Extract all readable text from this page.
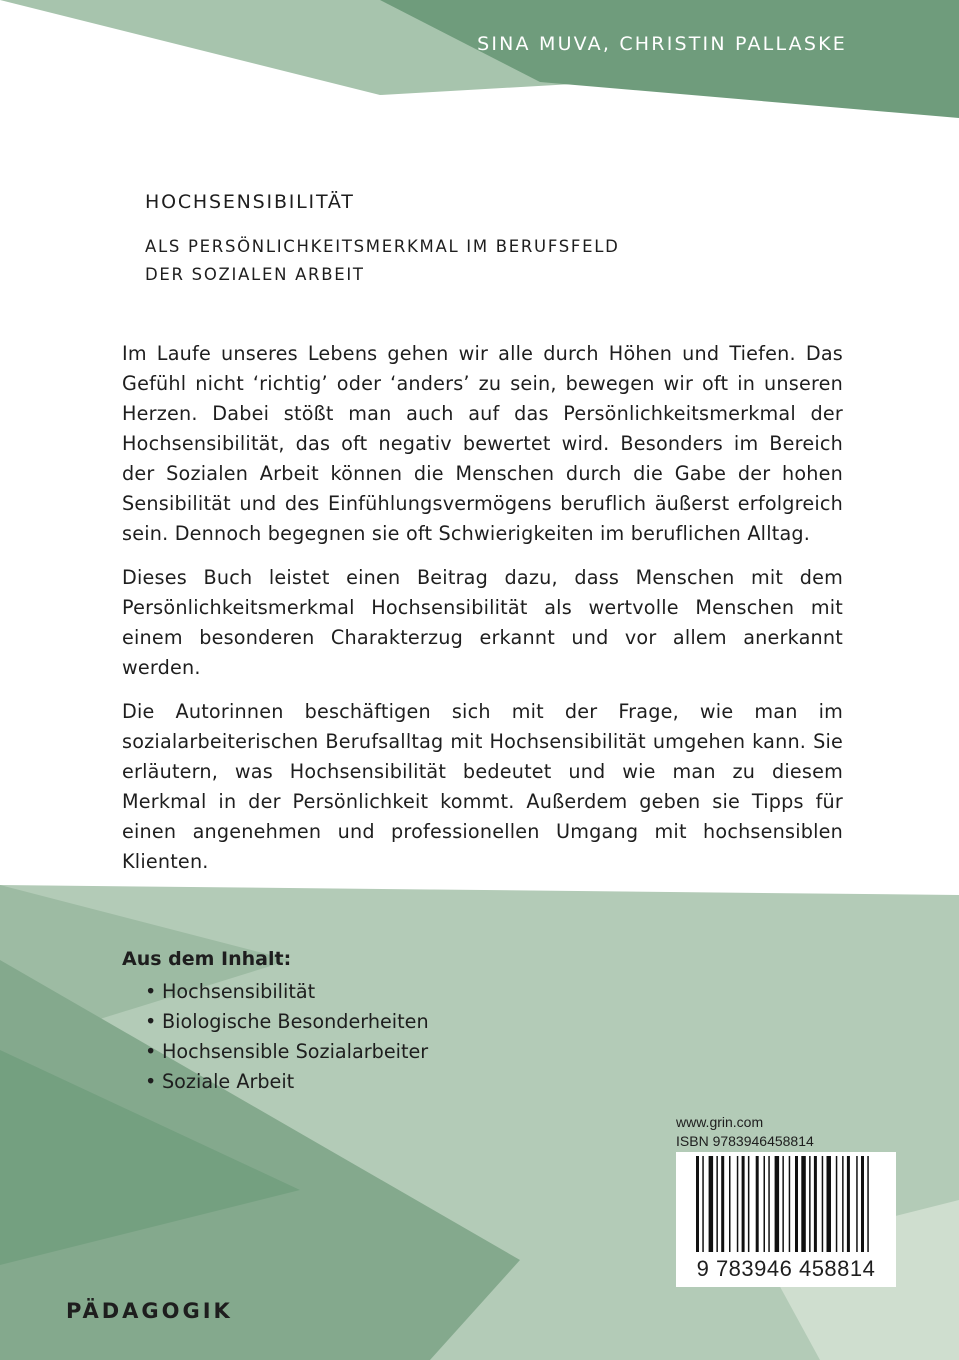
SINA MUVA, CHRISTIN PALLASKE
HOCHSENSIBILITÄT
ALS PERSÖNLICHKEITSMERKMAL IM BERUFSFELD
DER SOZIALEN ARBEIT

Im Laufe unseres Lebens gehen wir alle durch Höhen und Tiefen. Das Gefühl nicht ‘richtig’ oder ‘anders’ zu sein, bewegen wir oft in unseren Herzen. Dabei stößt man auch auf das Persönlichkeitsmerkmal der Hochsensibilität, das oft negativ bewertet wird. Besonders im Bereich der Sozialen Arbeit können die Menschen durch die Gabe der hohen Sensibilität und des Einfühlungsvermögens beruflich äußerst erfolgreich sein. Dennoch begegnen sie oft Schwierigkeiten im beruflichen Alltag.

Dieses Buch leistet einen Beitrag dazu, dass Menschen mit dem Persönlichkeitsmerkmal Hochsensibilität als wertvolle Menschen mit einem besonderen Charakterzug erkannt und vor allem anerkannt werden.

Die Autorinnen beschäftigen sich mit der Frage, wie man im sozialarbeiterischen Berufsalltag mit Hochsensibilität umgehen kann. Sie erläutern, was Hochsensibilität bedeutet und wie man zu diesem Merkmal in der Persönlichkeit kommt. Außerdem geben sie Tipps für einen angenehmen und professionellen Umgang mit hochsensiblen Klienten.

Aus dem Inhalt:
• Hochsensibilität
• Biologische Besonderheiten
• Hochsensible Sozialarbeiter
• Soziale Arbeit
www.grin.com
ISBN 9783946458814
9 783946 458814
PÄDAGOGIK
